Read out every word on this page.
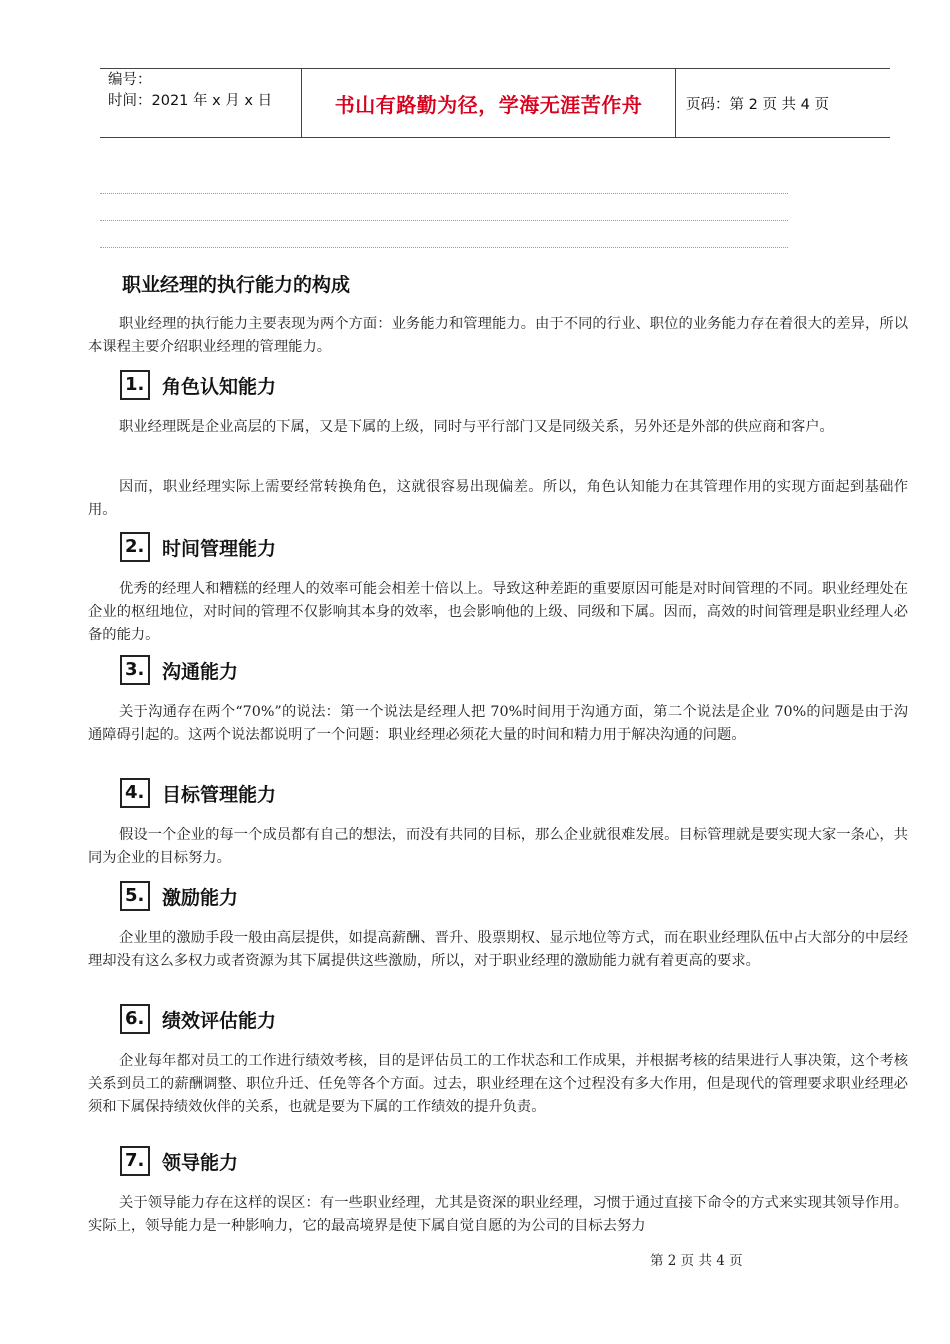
编号：
时间：2021 年 x 月 x 日	书山有路勤为径，学海无涯苦作舟	页码：第 2 页 共 4 页
职业经理的执行能力的构成

职业经理的执行能力主要表现为两个方面：业务能力和管理能力。由于不同的行业、职位的业务能力存在着很大的差异，所以本课程主要介绍职业经理的管理能力。

1. 角色认知能力

职业经理既是企业高层的下属，又是下属的上级，同时与平行部门又是同级关系，另外还是外部的供应商和客户。

因而，职业经理实际上需要经常转换角色，这就很容易出现偏差。所以，角色认知能力在其管理作用的实现方面起到基础作用。

2. 时间管理能力

优秀的经理人和糟糕的经理人的效率可能会相差十倍以上。导致这种差距的重要原因可能是对时间管理的不同。职业经理处在企业的枢纽地位，对时间的管理不仅影响其本身的效率，也会影响他的上级、同级和下属。因而，高效的时间管理是职业经理人必备的能力。

3. 沟通能力

关于沟通存在两个“70%”的说法：第一个说法是经理人把 70%时间用于沟通方面，第二个说法是企业 70%的问题是由于沟通障碍引起的。这两个说法都说明了一个问题：职业经理必须花大量的时间和精力用于解决沟通的问题。

4. 目标管理能力

假设一个企业的每一个成员都有自己的想法，而没有共同的目标，那么企业就很难发展。目标管理就是要实现大家一条心，共同为企业的目标努力。

5. 激励能力

企业里的激励手段一般由高层提供，如提高薪酬、晋升、股票期权、显示地位等方式，而在职业经理队伍中占大部分的中层经理却没有这么多权力或者资源为其下属提供这些激励，所以，对于职业经理的激励能力就有着更高的要求。

6. 绩效评估能力

企业每年都对员工的工作进行绩效考核，目的是评估员工的工作状态和工作成果，并根据考核的结果进行人事决策，这个考核关系到员工的薪酬调整、职位升迁、任免等各个方面。过去，职业经理在这个过程没有多大作用，但是现代的管理要求职业经理必须和下属保持绩效伙伴的关系，也就是要为下属的工作绩效的提升负责。

7. 领导能力

关于领导能力存在这样的误区：有一些职业经理，尤其是资深的职业经理，习惯于通过直接下命令的方式来实现其领导作用。实际上，领导能力是一种影响力，它的最高境界是使下属自觉自愿的为公司的目标去努力

第 2 页 共 4 页
